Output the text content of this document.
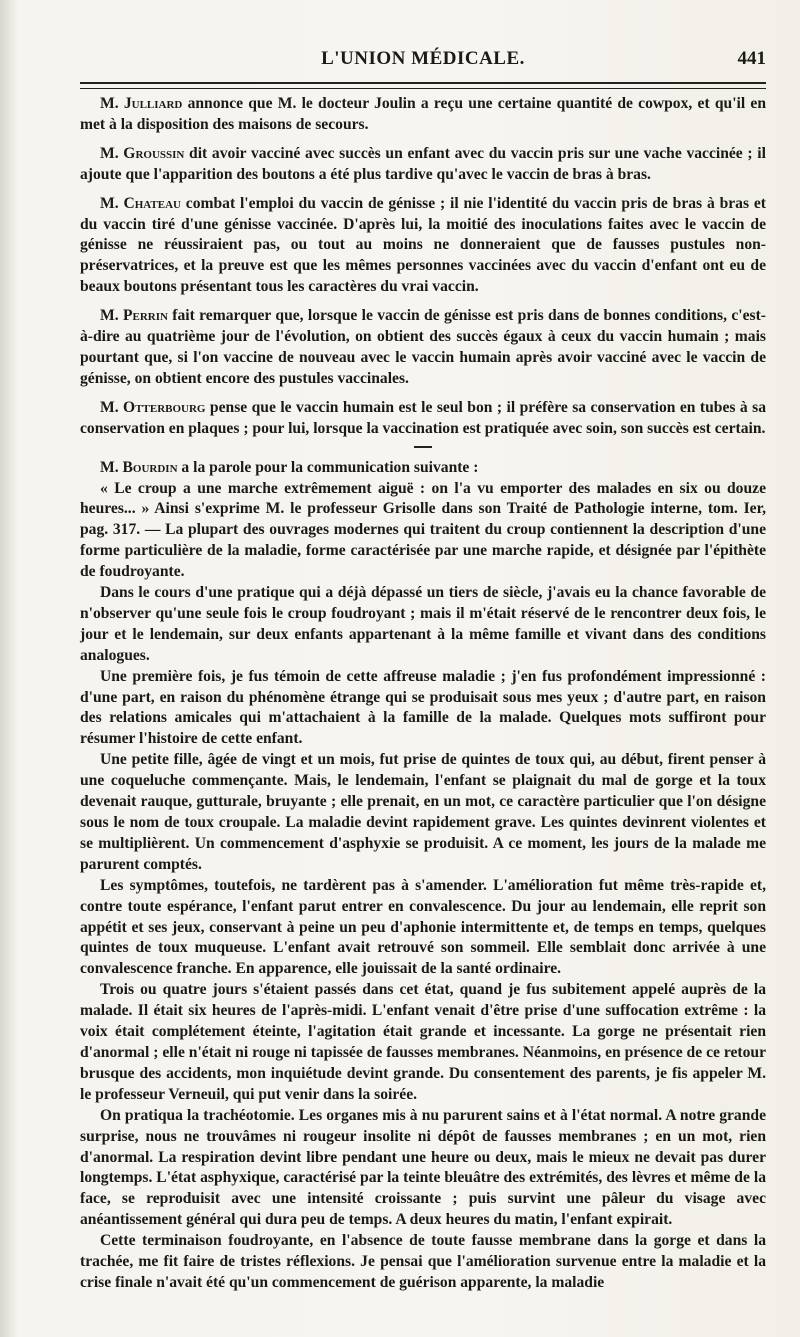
L'UNION MÉDICALE.	441

M. Julliard annonce que M. le docteur Joulin a reçu une certaine quantité de cowpox, et qu'il en met à la disposition des maisons de secours.

M. Groussin dit avoir vacciné avec succès un enfant avec du vaccin pris sur une vache vaccinée ; il ajoute que l'apparition des boutons a été plus tardive qu'avec le vaccin de bras à bras.

M. Chateau combat l'emploi du vaccin de génisse ; il nie l'identité du vaccin pris de bras à bras et du vaccin tiré d'une génisse vaccinée. D'après lui, la moitié des inoculations faites avec le vaccin de génisse ne réussiraient pas, ou tout au moins ne donneraient que de fausses pustules non-préservatrices, et la preuve est que les mêmes personnes vaccinées avec du vaccin d'enfant ont eu de beaux boutons présentant tous les caractères du vrai vaccin.

M. Perrin fait remarquer que, lorsque le vaccin de génisse est pris dans de bonnes conditions, c'est-à-dire au quatrième jour de l'évolution, on obtient des succès égaux à ceux du vaccin humain ; mais pourtant que, si l'on vaccine de nouveau avec le vaccin humain après avoir vacciné avec le vaccin de génisse, on obtient encore des pustules vaccinales.

M. Otterbourg pense que le vaccin humain est le seul bon ; il préfère sa conservation en tubes à sa conservation en plaques ; pour lui, lorsque la vaccination est pratiquée avec soin, son succès est certain.

M. Bourdin a la parole pour la communication suivante :

« Le croup a une marche extrêmement aiguë : on l'a vu emporter des malades en six ou douze heures... » Ainsi s'exprime M. le professeur Grisolle dans son Traité de Pathologie interne, tom. Ier, pag. 317. — La plupart des ouvrages modernes qui traitent du croup contiennent la description d'une forme particulière de la maladie, forme caractérisée par une marche rapide, et désignée par l'épithète de foudroyante.

Dans le cours d'une pratique qui a déjà dépassé un tiers de siècle, j'avais eu la chance favorable de n'observer qu'une seule fois le croup foudroyant ; mais il m'était réservé de le rencontrer deux fois, le jour et le lendemain, sur deux enfants appartenant à la même famille et vivant dans des conditions analogues.

Une première fois, je fus témoin de cette affreuse maladie ; j'en fus profondément impressionné : d'une part, en raison du phénomène étrange qui se produisait sous mes yeux ; d'autre part, en raison des relations amicales qui m'attachaient à la famille de la malade. Quelques mots suffiront pour résumer l'histoire de cette enfant.

Une petite fille, âgée de vingt et un mois, fut prise de quintes de toux qui, au début, firent penser à une coqueluche commençante. Mais, le lendemain, l'enfant se plaignait du mal de gorge et la toux devenait rauque, gutturale, bruyante ; elle prenait, en un mot, ce caractère particulier que l'on désigne sous le nom de toux croupale. La maladie devint rapidement grave. Les quintes devinrent violentes et se multiplièrent. Un commencement d'asphyxie se produisit. A ce moment, les jours de la malade me parurent comptés.

Les symptômes, toutefois, ne tardèrent pas à s'amender. L'amélioration fut même très-rapide et, contre toute espérance, l'enfant parut entrer en convalescence. Du jour au lendemain, elle reprit son appétit et ses jeux, conservant à peine un peu d'aphonie intermittente et, de temps en temps, quelques quintes de toux muqueuse. L'enfant avait retrouvé son sommeil. Elle semblait donc arrivée à une convalescence franche. En apparence, elle jouissait de la santé ordinaire.

Trois ou quatre jours s'étaient passés dans cet état, quand je fus subitement appelé auprès de la malade. Il était six heures de l'après-midi. L'enfant venait d'être prise d'une suffocation extrême : la voix était complétement éteinte, l'agitation était grande et incessante. La gorge ne présentait rien d'anormal ; elle n'était ni rouge ni tapissée de fausses membranes. Néanmoins, en présence de ce retour brusque des accidents, mon inquiétude devint grande. Du consentement des parents, je fis appeler M. le professeur Verneuil, qui put venir dans la soirée.

On pratiqua la trachéotomie. Les organes mis à nu parurent sains et à l'état normal. A notre grande surprise, nous ne trouvâmes ni rougeur insolite ni dépôt de fausses membranes ; en un mot, rien d'anormal. La respiration devint libre pendant une heure ou deux, mais le mieux ne devait pas durer longtemps. L'état asphyxique, caractérisé par la teinte bleuâtre des extrémités, des lèvres et même de la face, se reproduisit avec une intensité croissante ; puis survint une pâleur du visage avec anéantissement général qui dura peu de temps. A deux heures du matin, l'enfant expirait.

Cette terminaison foudroyante, en l'absence de toute fausse membrane dans la gorge et dans la trachée, me fit faire de tristes réflexions. Je pensai que l'amélioration survenue entre la maladie et la crise finale n'avait été qu'un commencement de guérison apparente, la maladie
